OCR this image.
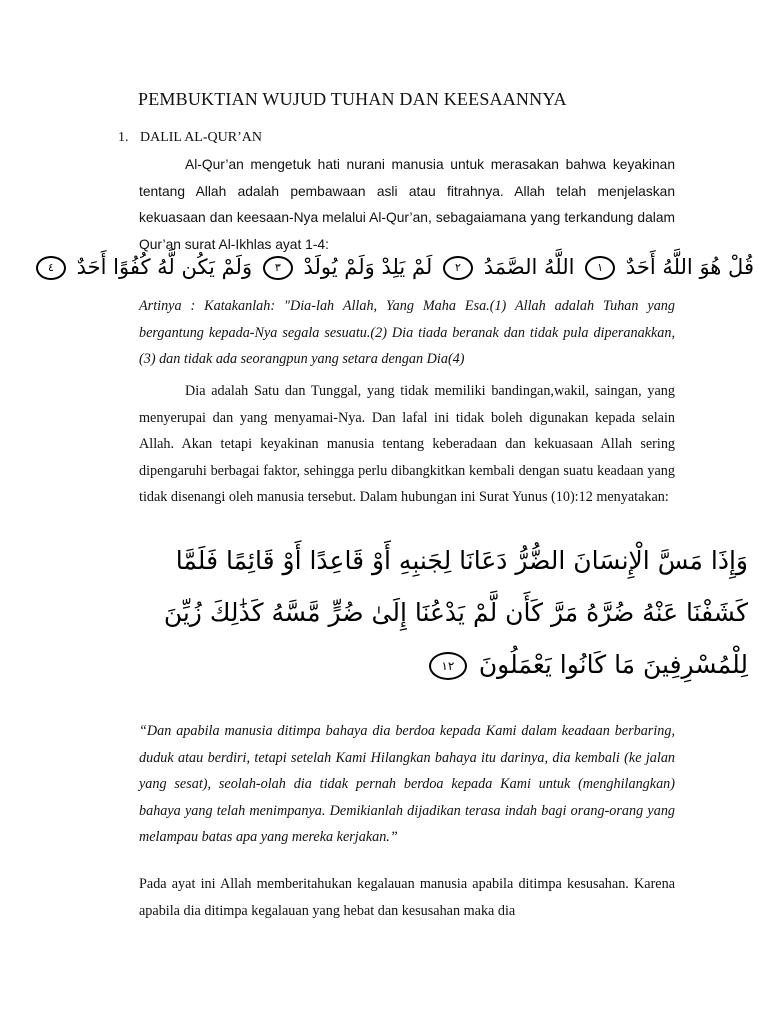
PEMBUKTIAN WUJUD TUHAN DAN KEESAANNYA
1. DALIL AL-QUR’AN
Al-Qur’an mengetuk hati nurani manusia untuk merasakan bahwa keyakinan tentang Allah adalah pembawaan asli atau fitrahnya. Allah telah menjelaskan kekuasaan dan keesaan-Nya melalui Al-Qur’an, sebagaiamana yang terkandung dalam Qur’an surat Al-Ikhlas ayat 1-4:
قُلْ هُوَ اللَّهُ أَحَدٌ ١ اللَّهُ الصَّمَدُ ٢ لَمْ يَلِدْ وَلَمْ يُولَدْ ٣ وَلَمْ يَكُن لَّهُ كُفُوًا أَحَدٌ ٤
Artinya : Katakanlah: "Dia-lah Allah, Yang Maha Esa.(1) Allah adalah Tuhan yang bergantung kepada-Nya segala sesuatu.(2) Dia tiada beranak dan tidak pula diperanakkan,(3) dan tidak ada seorangpun yang setara dengan Dia(4)
Dia adalah Satu dan Tunggal, yang tidak memiliki bandingan,wakil, saingan, yang menyerupai dan yang menyamai-Nya. Dan lafal ini tidak boleh digunakan kepada selain Allah. Akan tetapi keyakinan manusia tentang keberadaan dan kekuasaan Allah sering dipengaruhi berbagai faktor, sehingga perlu dibangkitkan kembali dengan suatu keadaan yang tidak disenangi oleh manusia tersebut. Dalam hubungan ini Surat Yunus (10):12 menyatakan:
وَإِذَا مَسَّ الْإِنسَانَ الضُّرُّ دَعَانَا لِجَنبِهِ أَوْ قَاعِدًا أَوْ قَائِمًا فَلَمَّا
كَشَفْنَا عَنْهُ ضُرَّهُ مَرَّ كَأَن لَّمْ يَدْعُنَا إِلَىٰ ضُرٍّ مَّسَّهُ كَذَٰلِكَ زُيِّنَ
لِلْمُسْرِفِينَ مَا كَانُوا يَعْمَلُونَ ١٢
“Dan apabila manusia ditimpa bahaya dia berdoa kepada Kami dalam keadaan berbaring, duduk atau berdiri, tetapi setelah Kami Hilangkan bahaya itu darinya, dia kembali (ke jalan yang sesat), seolah-olah dia tidak pernah berdoa kepada Kami untuk (menghilangkan) bahaya yang telah menimpanya. Demikianlah dijadikan terasa indah bagi orang-orang yang melampau batas apa yang mereka kerjakan.”
Pada ayat ini Allah memberitahukan kegalauan manusia apabila ditimpa kesusahan. Karena apabila dia ditimpa kegalauan yang hebat dan kesusahan maka dia
